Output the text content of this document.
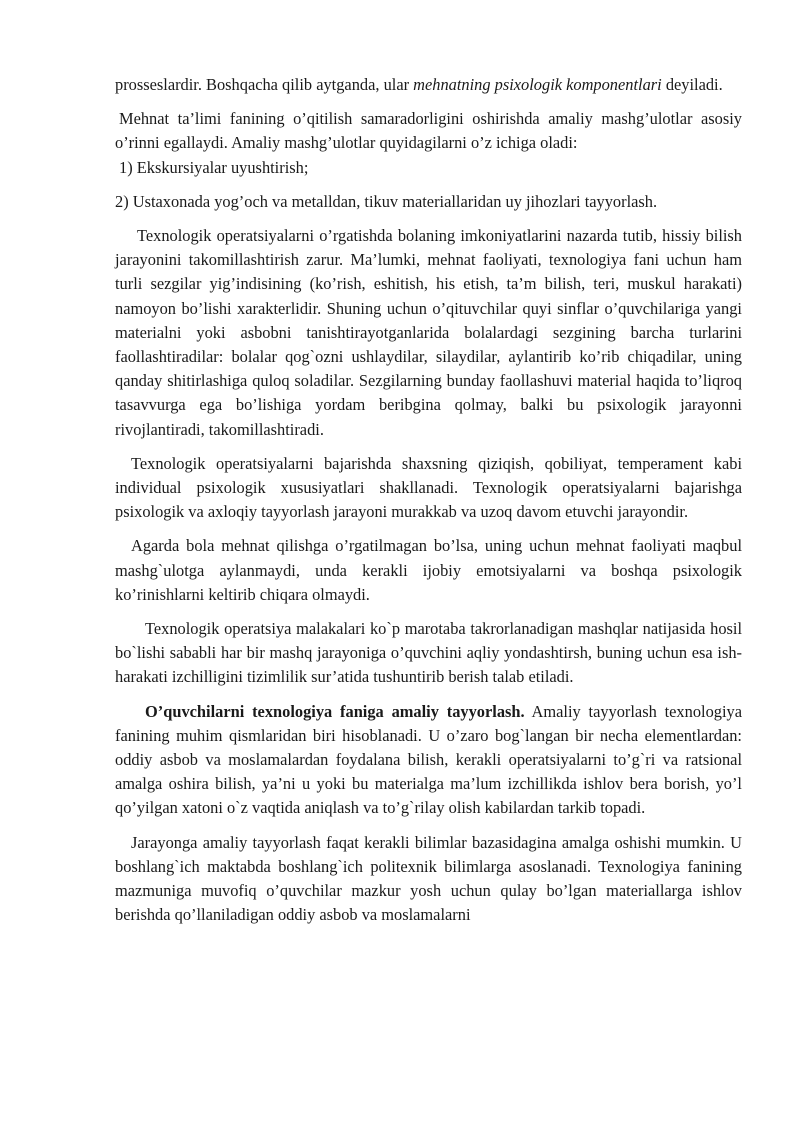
prosseslardir. Boshqacha qilib aytganda, ular mehnatning psixologik komponentlari deyiladi.

Mehnat ta’limi fanining o’qitilish samaradorligini oshirishda amaliy mashg’ulotlar asosiy o’rinni egallaydi. Amaliy mashg’ulotlar quyidagilarni o’z ichiga oladi:
1) Ekskursiyalar uyushtirish;

2) Ustaxonada yog’och va metalldan, tikuv materiallaridan uy jihozlari tayyorlash.

Texnologik operatsiyalarni o’rgatishda bolaning imkoniyatlarini nazarda tutib, hissiy bilish jarayonini takomillashtirish zarur. Ma’lumki, mehnat faoliyati, texnologiya fani uchun ham turli sezgilar yig’indisining (ko’rish, eshitish, his etish, ta’m bilish, teri, muskul harakati) namoyon bo’lishi xarakterlidir. Shuning uchun o’qituvchilar quyi sinflar o’quvchilariga yangi materialni yoki asbobni tanishtirayotganlarida bolalardagi sezgining barcha turlarini faollashtiradilar: bolalar qog`ozni ushlaydilar, silaydilar, aylantirib ko’rib chiqadilar, uning qanday shitirlashiga quloq soladilar. Sezgilarning bunday faollashuvi material haqida to’liqroq tasavvurga ega bo’lishiga yordam beribgina qolmay, balki bu psixologik jarayonni rivojlantiradi, takomillashtiradi.

Texnologik operatsiyalarni bajarishda shaxsning qiziqish, qobiliyat, temperament kabi individual psixologik xususiyatlari shakllanadi. Texnologik operatsiyalarni bajarishga psixologik va axloqiy tayyorlash jarayoni murakkab va uzoq davom etuvchi jarayondir.

Agarda bola mehnat qilishga o’rgatilmagan bo’lsa, uning uchun mehnat faoliyati maqbul mashg`ulotga aylanmaydi, unda kerakli ijobiy emotsiyalarni va boshqa psixologik ko’rinishlarni keltirib chiqara olmaydi.

Texnologik operatsiya malakalari ko`p marotaba takrorlanadigan mashqlar natijasida hosil bo`lishi sababli har bir mashq jarayoniga o’quvchini aqliy yondashtirsh, buning uchun esa ish-harakati izchilligini tizimlilik sur’atida tushuntirib berish talab etiladi.

O’quvchilarni texnologiya faniga amaliy tayyorlash. Amaliy tayyorlash texnologiya fanining muhim qismlaridan biri hisoblanadi. U o’zaro bog`langan bir necha elementlardan: oddiy asbob va moslamalardan foydalana bilish, kerakli operatsiyalarni to’g`ri va ratsional amalga oshira bilish, ya’ni u yoki bu materialga ma’lum izchillikda ishlov bera borish, yo’l qo’yilgan xatoni o`z vaqtida aniqlash va to’g`rilay olish kabilardan tarkib topadi.

Jarayonga amaliy tayyorlash faqat kerakli bilimlar bazasidagina amalga oshishi mumkin. U boshlang`ich maktabda boshlang`ich politexnik bilimlarga asoslanadi. Texnologiya fanining mazmuniga muvofiq o’quvchilar mazkur yosh uchun qulay bo’lgan materiallarga ishlov berishda qo’llaniladigan oddiy asbob va moslamalarni
